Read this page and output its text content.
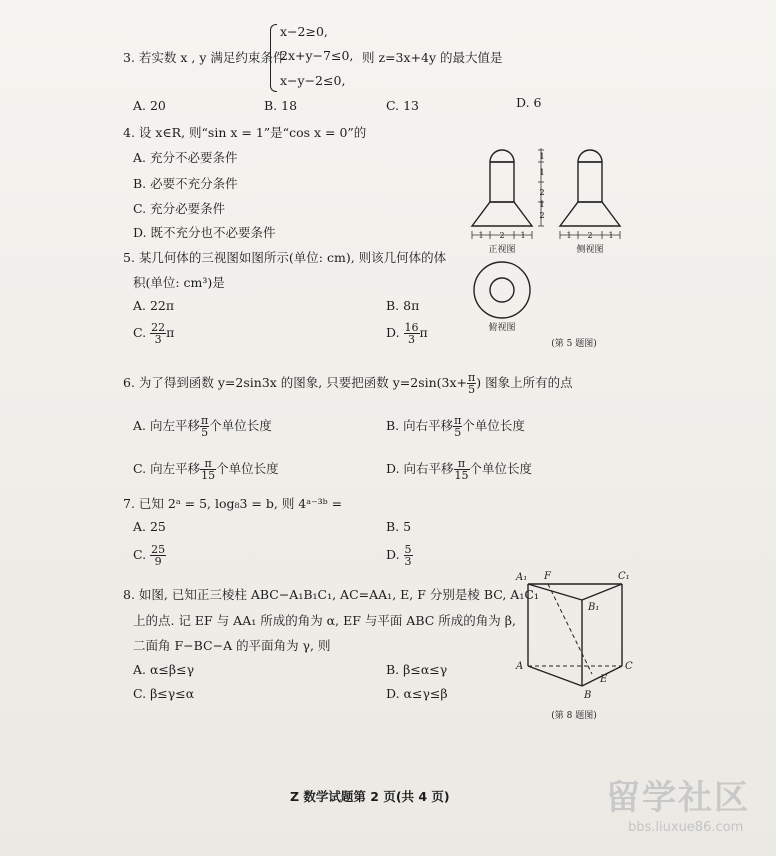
3. 若实数 x , y 满足约束条件
x−2≥0,
2x+y−7≤0,
x−y−2≤0,
则 z=3x+4y 的最大值是
A. 20	B. 18	C. 13	D. 6
4. 设 x∈R, 则“sin x = 1”是“cos x = 0”的
A. 充分不必要条件
B. 必要不充分条件
C. 充分必要条件
D. 既不充分也不必要条件
1
1
2
1
2
1 2 1	1 2 1
正视图	侧视图
俯视图
(第 5 题图)
5. 某几何体的三视图如图所示(单位: cm), 则该几何体的体
积(单位: cm³)是
A. 22π	B. 8π
C. $\frac{22}{3}$ π	D. $\frac{16}{3}$ π
6. 为了得到函数 y=2sin3x 的图象, 只要把函数 $y=2\sin(3x+ \frac{\pi}{5}$ ) 图象上所有的点
A. 向左平移 $\frac{\pi}{5}$ 个单位长度	B. 向右平移 $\frac{\pi}{5}$ 个单位长度
C. 向左平移 $\frac{\pi}{15}$ 个单位长度	D. 向右平移 $\frac{\pi}{15}$ 个单位长度
7. 已知 2ᵃ = 5, log₈3 = b, 则 4ᵃ⁻³ᵇ =
A. 25	B. 5
C. $\frac{25}{9}$	D. $\frac{5}{3}$
8. 如图, 已知正三棱柱 ABC−A₁B₁C₁, AC=AA₁, E, F 分别是棱 BC, A₁C₁
上的点. 记 EF 与 AA₁ 所成的角为 α, EF 与平面 ABC 所成的角为 β,
二面角 F−BC−A 的平面角为 γ, 则
A. α≤β≤γ	B. β≤α≤γ
C. β≤γ≤α	D. α≤γ≤β
A₁ F	C₁
B₁
A	C
E
B
(第 8 题图)
Z 数学试题第 2 页(共 4 页)	留学社区
bbs.liuxue86.com
